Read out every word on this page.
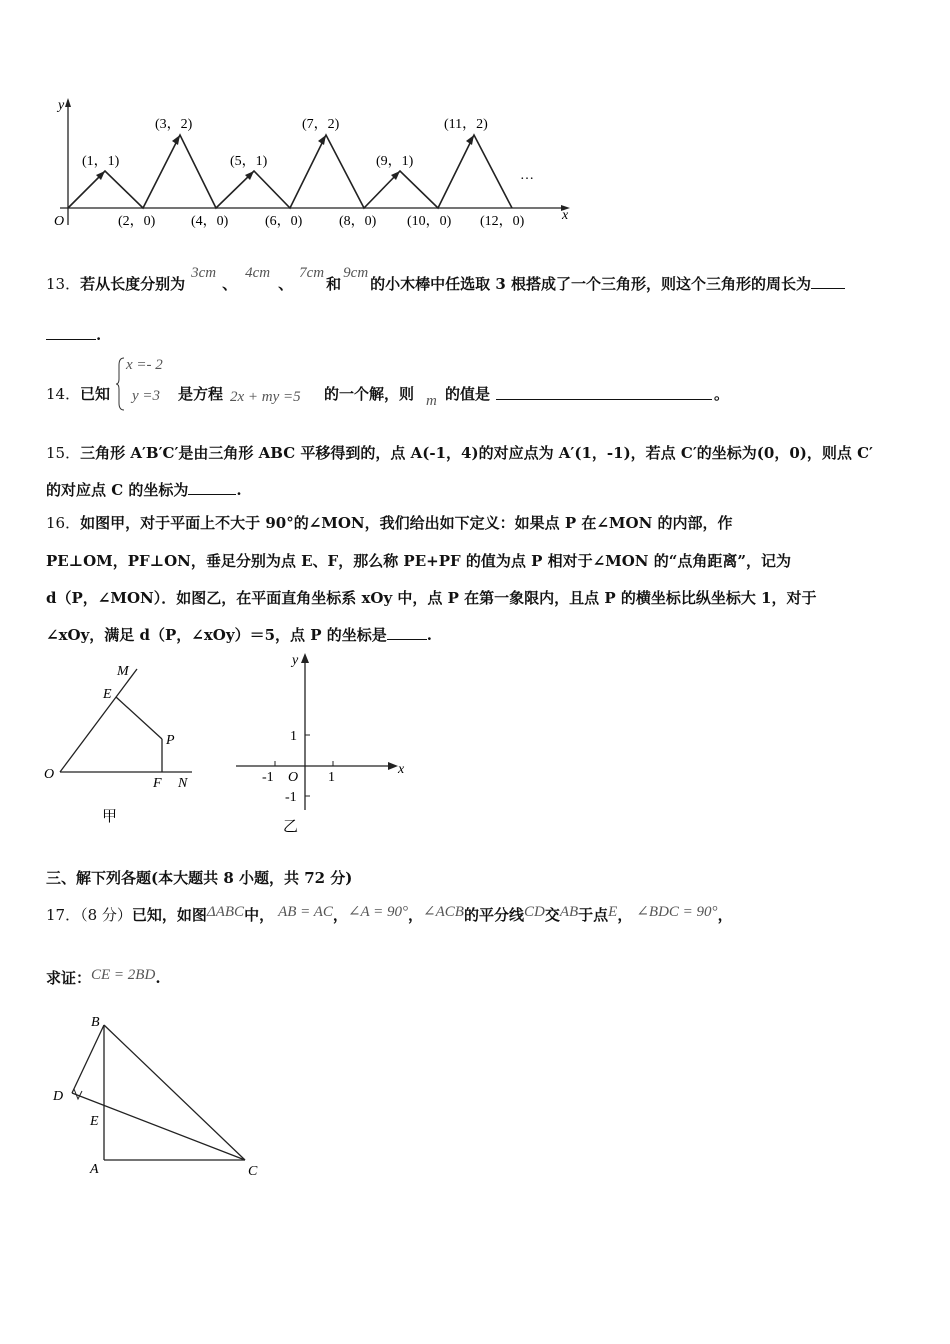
y
x
O
(1，1)	(5，1)	(9，1)
(3，2)	(7，2)	(11，2)
(2，0)	(4，0)	(6，0)	(8，0) (10，0) (12，0)
…
13．若从长度分别为3cm、4cm、7cm和9cm的小木棒中任选取 3 根搭成了一个三角形，则这个三角形的周长为
.
14． 已知
x =- 2
y =3 是方程 2x + my =5 的一个解，则 m 的值是	。
15．三角形 A′B′C′是由三角形 ABC 平移得到的，点 A(-1，4)的对应点为 A′(1，-1)，若点 C′的坐标为(0，0)，则点 C′
的对应点 C 的坐标为	.
16．如图甲，对于平面上不大于 90°的∠MON，我们给出如下定义：如果点 P 在∠MON 的内部，作
PE⊥OM，PF⊥ON，垂足分别为点 E、F，那么称 PE+PF 的值为点 P 相对于∠MON 的“点角距离”，记为
d（P，∠MON）．如图乙，在平面直角坐标系 xOy 中，点 P 在第一象限内，且点 P 的横坐标比纵坐标大 1，对于
∠xOy，满足 d（P，∠xOy）＝5，点 P 的坐标是	.
M
E
P
O
F N
甲
y
x
1
-1 O 1
-1
乙
三、解下列各题(本大题共 8 小题，共 72 分)
17．（8 分）已知，如图ΔABC中， AB = AC，∠A = 90°，∠ACB的平分线CD交AB于点E， ∠BDC = 90°，
求证：CE = 2BD.
B
D
E
A	C
